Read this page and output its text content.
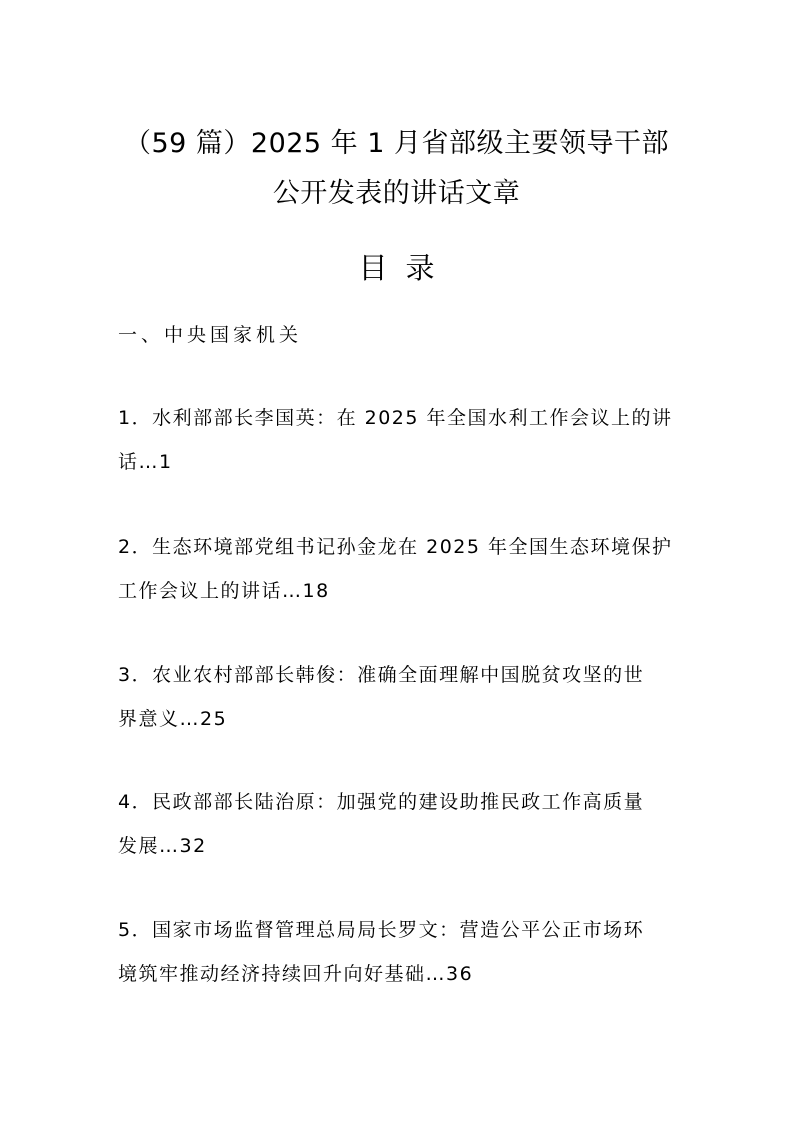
（59 篇）2025 年 1 月省部级主要领导干部
公开发表的讲话文章
目录
一、中央国家机关
1．水利部部长李国英：在 2025 年全国水利工作会议上的讲
话…1
2．生态环境部党组书记孙金龙在 2025 年全国生态环境保护
工作会议上的讲话…18
3．农业农村部部长韩俊：准确全面理解中国脱贫攻坚的世
界意义…25
4．民政部部长陆治原：加强党的建设助推民政工作高质量
发展…32
5．国家市场监督管理总局局长罗文：营造公平公正市场环
境筑牢推动经济持续回升向好基础…36
